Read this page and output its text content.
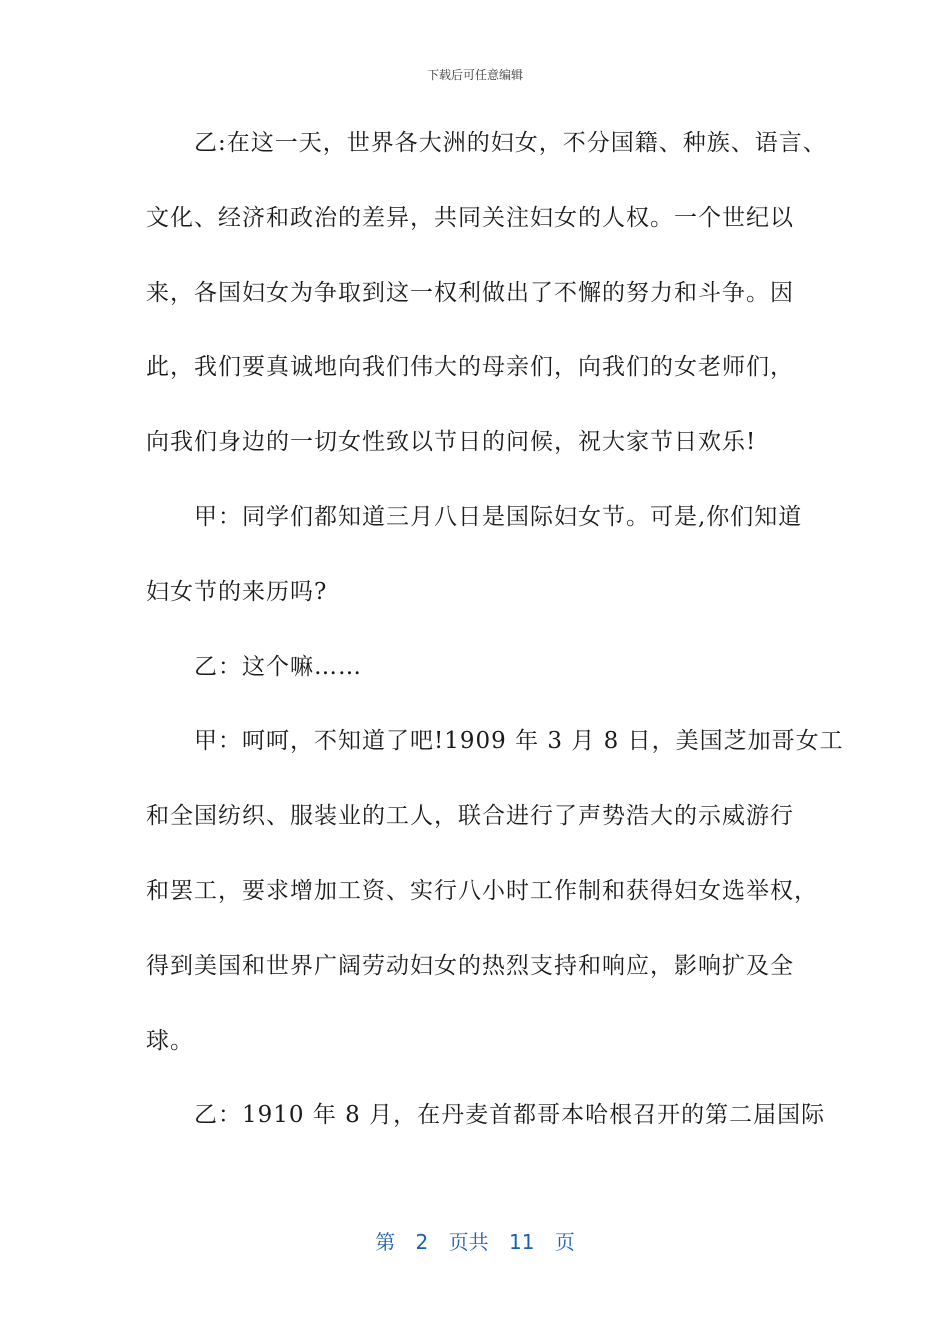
下载后可任意编辑
　　乙:在这一天，世界各大洲的妇女，不分国籍、种族、语言、
文化、经济和政治的差异，共同关注妇女的人权。一个世纪以
来，各国妇女为争取到这一权利做出了不懈的努力和斗争。因
此，我们要真诚地向我们伟大的母亲们，向我们的女老师们，
向我们身边的一切女性致以节日的问候，祝大家节日欢乐!
　　甲：同学们都知道三月八日是国际妇女节。可是,你们知道
妇女节的来历吗?
　　乙：这个嘛……
　　甲：呵呵，不知道了吧!1909 年 3 月 8 日，美国芝加哥女工
和全国纺织、服装业的工人，联合进行了声势浩大的示威游行
和罢工，要求增加工资、实行八小时工作制和获得妇女选举权，
得到美国和世界广阔劳动妇女的热烈支持和响应，影响扩及全
球。
　　乙：1910 年 8 月，在丹麦首都哥本哈根召开的第二届国际
第 2 页共 11 页
